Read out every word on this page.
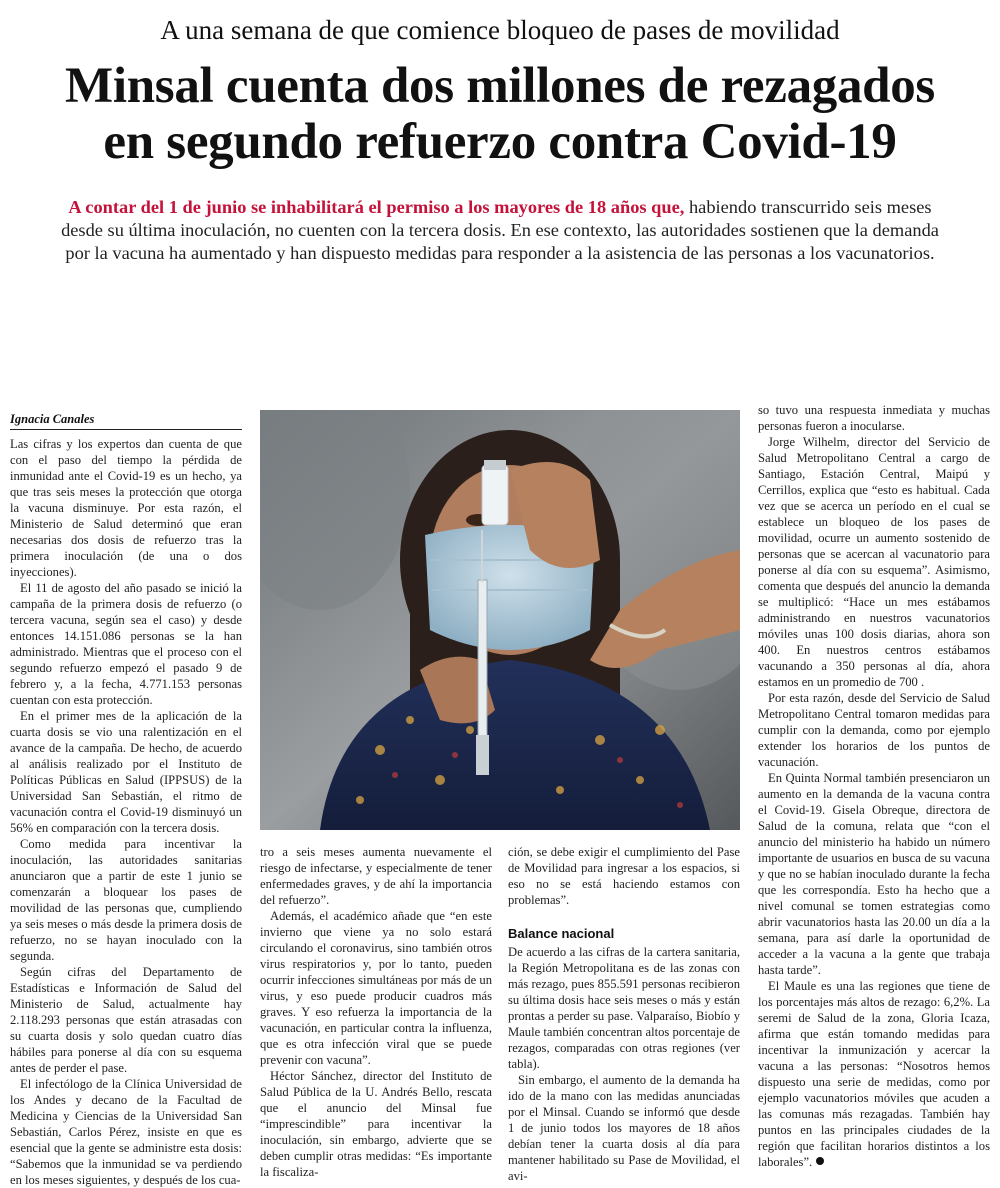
A una semana de que comience bloqueo de pases de movilidad
Minsal cuenta dos millones de rezagados
en segundo refuerzo contra Covid-19
A contar del 1 de junio se inhabilitará el permiso a los mayores de 18 años que, habiendo transcurrido seis meses desde su última inoculación, no cuenten con la tercera dosis. En ese contexto, las autoridades sostienen que la demanda por la vacuna ha aumentado y han dispuesto medidas para responder a la asistencia de las personas a los vacunatorios.
Ignacia Canales

Las cifras y los expertos dan cuenta de que con el paso del tiempo la pérdida de inmunidad ante el Covid-19 es un hecho, ya que tras seis meses la protección que otorga la vacuna disminuye. Por esta razón, el Ministerio de Salud determinó que eran necesarias dos dosis de refuerzo tras la primera inoculación (de una o dos inyecciones).

El 11 de agosto del año pasado se inició la campaña de la primera dosis de refuerzo (o tercera vacuna, según sea el caso) y desde entonces 14.151.086 personas se la han administrado. Mientras que el proceso con el segundo refuerzo empezó el pasado 9 de febrero y, a la fecha, 4.771.153 personas cuentan con esta protección.

En el primer mes de la aplicación de la cuarta dosis se vio una ralentización en el avance de la campaña. De hecho, de acuerdo al análisis realizado por el Instituto de Políticas Públicas en Salud (IPPSUS) de la Universidad San Sebastián, el ritmo de vacunación contra el Covid-19 disminuyó un 56% en comparación con la tercera dosis.

Como medida para incentivar la inoculación, las autoridades sanitarias anunciaron que a partir de este 1 junio se comenzarán a bloquear los pases de movilidad de las personas que, cumpliendo ya seis meses o más desde la primera dosis de refuerzo, no se hayan inoculado con la segunda.

Según cifras del Departamento de Estadísticas e Información de Salud del Ministerio de Salud, actualmente hay 2.118.293 personas que están atrasadas con su cuarta dosis y solo quedan cuatro días hábiles para ponerse al día con su esquema antes de perder el pase.

El infectólogo de la Clínica Universidad de los Andes y decano de la Facultad de Medicina y Ciencias de la Universidad San Sebastián, Carlos Pérez, insiste en que es esencial que la gente se administre esta dosis: “Sabemos que la inmunidad se va perdiendo en los meses siguientes, y después de los cua-

tro a seis meses aumenta nuevamente el riesgo de infectarse, y especialmente de tener enfermedades graves, y de ahí la importancia del refuerzo”.

Además, el académico añade que “en este invierno que viene ya no solo estará circulando el coronavirus, sino también otros virus respiratorios y, por lo tanto, pueden ocurrir infecciones simultáneas por más de un virus, y eso puede producir cuadros más graves. Y eso refuerza la importancia de la vacunación, en particular contra la influenza, que es otra infección viral que se puede prevenir con vacuna”.

Héctor Sánchez, director del Instituto de Salud Pública de la U. Andrés Bello, rescata que el anuncio del Minsal fue “imprescindible” para incentivar la inoculación, sin embargo, advierte que se deben cumplir otras medidas: “Es importante la fiscaliza-

ción, se debe exigir el cumplimiento del Pase de Movilidad para ingresar a los espacios, si eso no se está haciendo estamos con problemas”.

Balance nacional

De acuerdo a las cifras de la cartera sanitaria, la Región Metropolitana es de las zonas con más rezago, pues 855.591 personas recibieron su última dosis hace seis meses o más y están prontas a perder su pase. Valparaíso, Biobío y Maule también concentran altos porcentaje de rezagos, comparadas con otras regiones (ver tabla).

Sin embargo, el aumento de la demanda ha ido de la mano con las medidas anunciadas por el Minsal. Cuando se informó que desde 1 de junio todos los mayores de 18 años debían tener la cuarta dosis al día para mantener habilitado su Pase de Movilidad, el avi-

so tuvo una respuesta inmediata y muchas personas fueron a inocularse.

Jorge Wilhelm, director del Servicio de Salud Metropolitano Central a cargo de Santiago, Estación Central, Maipú y Cerrillos, explica que “esto es habitual. Cada vez que se acerca un período en el cual se establece un bloqueo de los pases de movilidad, ocurre un aumento sostenido de personas que se acercan al vacunatorio para ponerse al día con su esquema”. Asimismo, comenta que después del anuncio la demanda se multiplicó: “Hace un mes estábamos administrando en nuestros vacunatorios móviles unas 100 dosis diarias, ahora son 400. En nuestros centros estábamos vacunando a 350 personas al día, ahora estamos en un promedio de 700 .

Por esta razón, desde del Servicio de Salud Metropolitano Central tomaron medidas para cumplir con la demanda, como por ejemplo extender los horarios de los puntos de vacunación.

En Quinta Normal también presenciaron un aumento en la demanda de la vacuna contra el Covid-19. Gisela Obreque, directora de Salud de la comuna, relata que “con el anuncio del ministerio ha habido un número importante de usuarios en busca de su vacuna y que no se habían inoculado durante la fecha que les correspondía. Esto ha hecho que a nivel comunal se tomen estrategias como abrir vacunatorios hasta las 20.00 un día a la semana, para así darle la oportunidad de acceder a la vacuna a la gente que trabaja hasta tarde”.

El Maule es una las regiones que tiene de los porcentajes más altos de rezago: 6,2%. La seremi de Salud de la zona, Gloria Icaza, afirma que están tomando medidas para incentivar la inmunización y acercar la vacuna a las personas: “Nosotros hemos dispuesto una serie de medidas, como por ejemplo vacunatorios móviles que acuden a las comunas más rezagadas. También hay puntos en las principales ciudades de la región que facilitan horarios distintos a los laborales”.
